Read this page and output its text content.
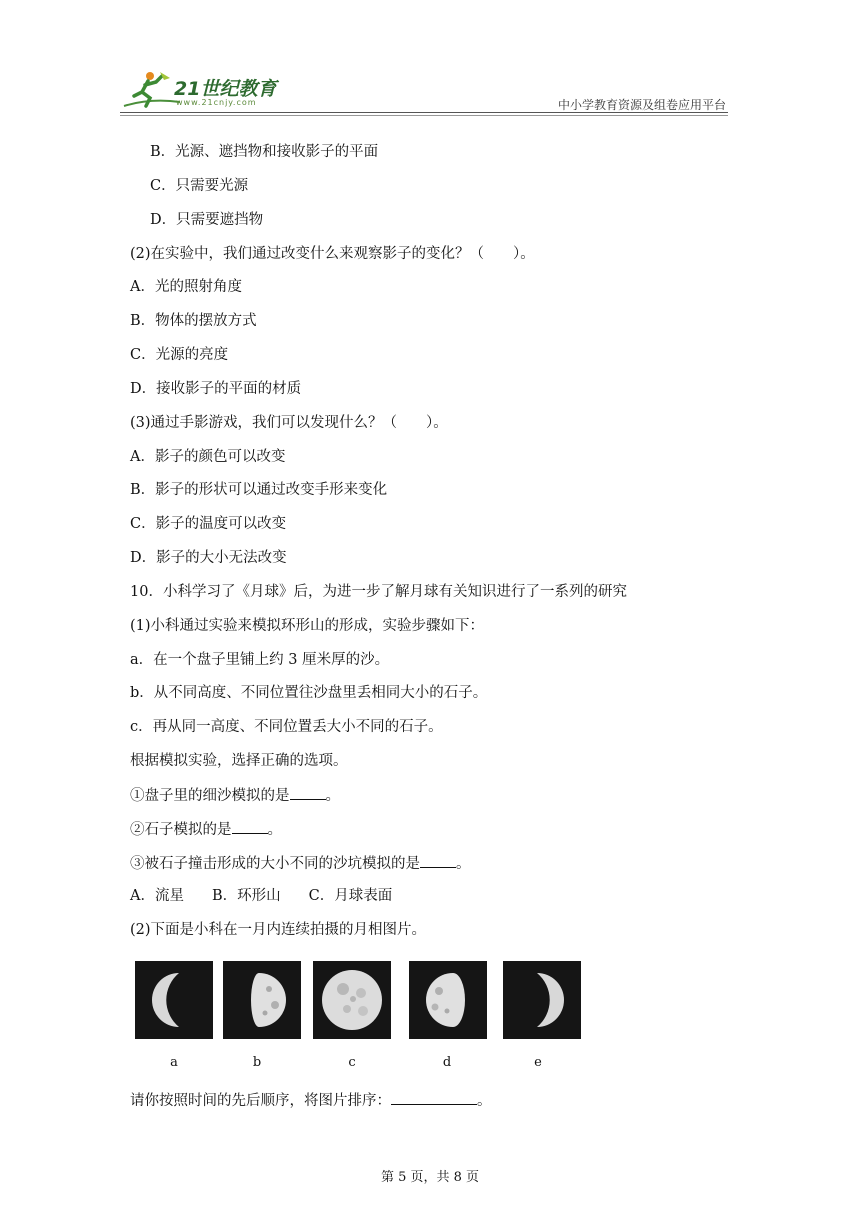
21世纪教育
www.21cnjy.com	中小学教育资源及组卷应用平台
B．光源、遮挡物和接收影子的平面
C．只需要光源
D．只需要遮挡物
(2)在实验中，我们通过改变什么来观察影子的变化？（　　）。
A．光的照射角度
B．物体的摆放方式
C．光源的亮度
D．接收影子的平面的材质
(3)通过手影游戏，我们可以发现什么？（　　）。
A．影子的颜色可以改变
B．影子的形状可以通过改变手形来变化
C．影子的温度可以改变
D．影子的大小无法改变
10．小科学习了《月球》后，为进一步了解月球有关知识进行了一系列的研究
(1)小科通过实验来模拟环形山的形成，实验步骤如下：
a．在一个盘子里铺上约 3 厘米厚的沙。
b．从不同高度、不同位置往沙盘里丢相同大小的石子。
c．再从同一高度、不同位置丢大小不同的石子。
根据模拟实验，选择正确的选项。
①盘子里的细沙模拟的是 。
②石子模拟的是 。
③被石子撞击形成的大小不同的沙坑模拟的是 。
A．流星 B．环形山 C．月球表面
(2)下面是小科在一月内连续拍摄的月相图片。
a	b	c	d	e
请你按照时间的先后顺序，将图片排序：	。
第 5 页，共 8 页
